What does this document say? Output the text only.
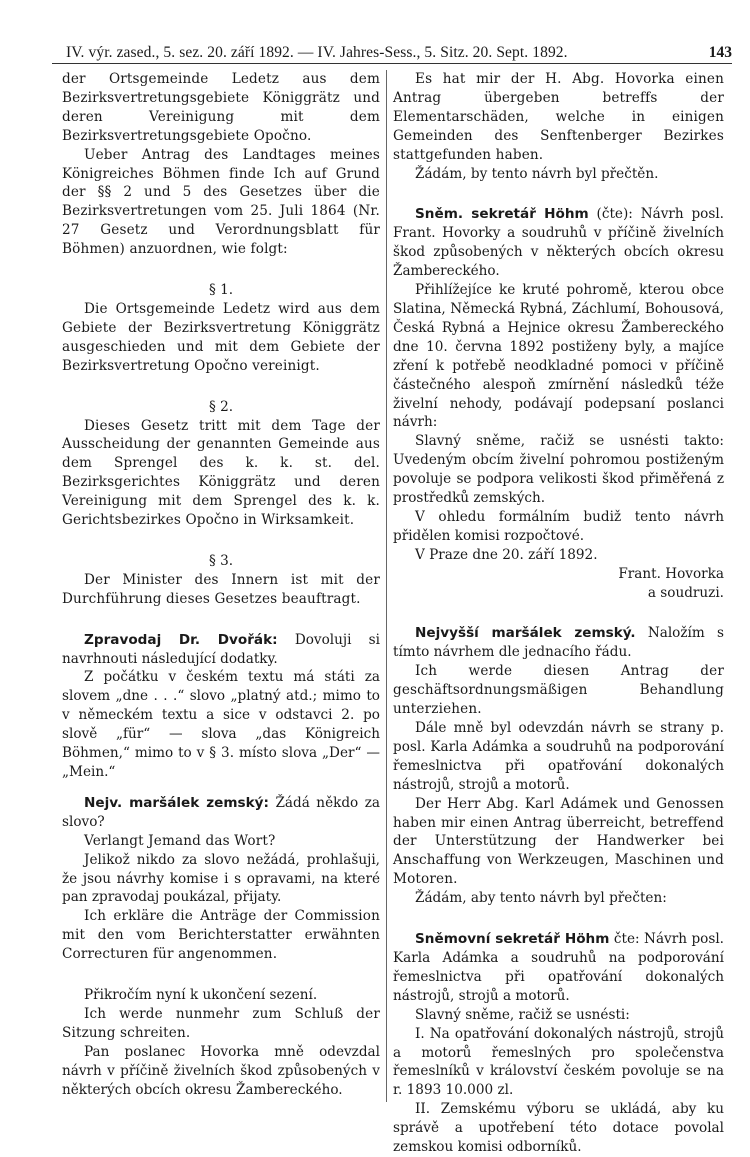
IV. výr. zased., 5. sez. 20. září 1892. — IV. Jahres-Sess., 5. Sitz. 20. Sept. 1892.	143

der Ortsgemeinde Ledetz aus dem Bezirksvertretungsgebiete Königgrätz und deren Vereinigung mit dem Bezirksvertretungsgebiete Opočno.

Ueber Antrag des Landtages meines Königreiches Böhmen finde Ich auf Grund der §§ 2 und 5 des Gesetzes über die Bezirksvertretungen vom 25. Juli 1864 (Nr. 27 Gesetz und Verordnungsblatt für Böhmen) anzuordnen, wie folgt:

§ 1.

Die Ortsgemeinde Ledetz wird aus dem Gebiete der Bezirksvertretung Königgrätz ausgeschieden und mit dem Gebiete der Bezirksvertretung Opočno vereinigt.

§ 2.

Dieses Gesetz tritt mit dem Tage der Ausscheidung der genannten Gemeinde aus dem Sprengel des k. k. st. del. Bezirksgerichtes Königgrätz und deren Vereinigung mit dem Sprengel des k. k. Gerichtsbezirkes Opočno in Wirksamkeit.

§ 3.

Der Minister des Innern ist mit der Durchführung dieses Gesetzes beauftragt.

Zpravodaj Dr. Dvořák: Dovoluji si navrhnouti následující dodatky.

Z počátku v českém textu má státi za slovem „dne . . .“ slovo „platný atd.; mimo to v německém textu a sice v odstavci 2. po slově „für“ — slova „das Königreich Böhmen,“ mimo to v § 3. místo slova „Der“ — „Mein.“

Nejv. maršálek zemský: Žádá někdo za slovo?

Verlangt Jemand das Wort?

Jelikož nikdo za slovo nežádá, prohlašuji, že jsou návrhy komise i s opravami, na které pan zpravodaj poukázal, přijaty.

Ich erkläre die Anträge der Commission mit den vom Berichterstatter erwähnten Correcturen für angenommen.

Přikročím nyní k ukončení sezení.

Ich werde nunmehr zum Schluß der Sitzung schreiten.

Pan poslanec Hovorka mně odevzdal návrh v příčině živelních škod způsobených v některých obcích okresu Žambereckého.

Es hat mir der H. Abg. Hovorka einen Antrag übergeben betreffs der Elementarschäden, welche in einigen Gemeinden des Senftenberger Bezirkes stattgefunden haben.

Žádám, by tento návrh byl přečtěn.

Sněm. sekretář Höhm (čte): Návrh posl. Frant. Hovorky a soudruhů v příčině živelních škod způsobených v některých obcích okresu Žambereckého.

Přihlížejíce ke kruté pohromě, kterou obce Slatina, Německá Rybná, Záchlumí, Bohousová, Česká Rybná a Hejnice okresu Žambereckého dne 10. června 1892 postiženy byly, a majíce zření k potřebě neodkladné pomoci v příčině částečného alespoň zmírnění následků téže živelní nehody, podávají podepsaní poslanci návrh:

Slavný sněme, račiž se usnésti takto: Uvedeným obcím živelní pohromou postiženým povoluje se podpora velikosti škod přiměřená z prostředků zemských.

V ohledu formálním budiž tento návrh přidělen komisi rozpočtové.

V Praze dne 20. září 1892.

Frant. Hovorka

a soudruzi.

Nejvyšší maršálek zemský. Naložím s tímto návrhem dle jednacího řádu.

Ich werde diesen Antrag der geschäftsordnungsmäßigen Behandlung unterziehen.

Dále mně byl odevzdán návrh se strany p. posl. Karla Adámka a soudruhů na podporování řemeslnictva při opatřování dokonalých nástrojů, strojů a motorů.

Der Herr Abg. Karl Adámek und Genossen haben mir einen Antrag überreicht, betreffend der Unterstützung der Handwerker bei Anschaffung von Werkzeugen, Maschinen und Motoren.

Žádám, aby tento návrh byl přečten:

Sněmovní sekretář Höhm čte: Návrh posl. Karla Adámka a soudruhů na podporování řemeslnictva při opatřování dokonalých nástrojů, strojů a motorů.

Slavný sněme, račiž se usnésti:

I. Na opatřování dokonalých nástrojů, strojů a motorů řemeslných pro společenstva řemeslníků v království českém povoluje se na r. 1893 10.000 zl.

II. Zemskému výboru se ukládá, aby ku správě a upotřebení této dotace povolal zemskou komisi odborníků.
